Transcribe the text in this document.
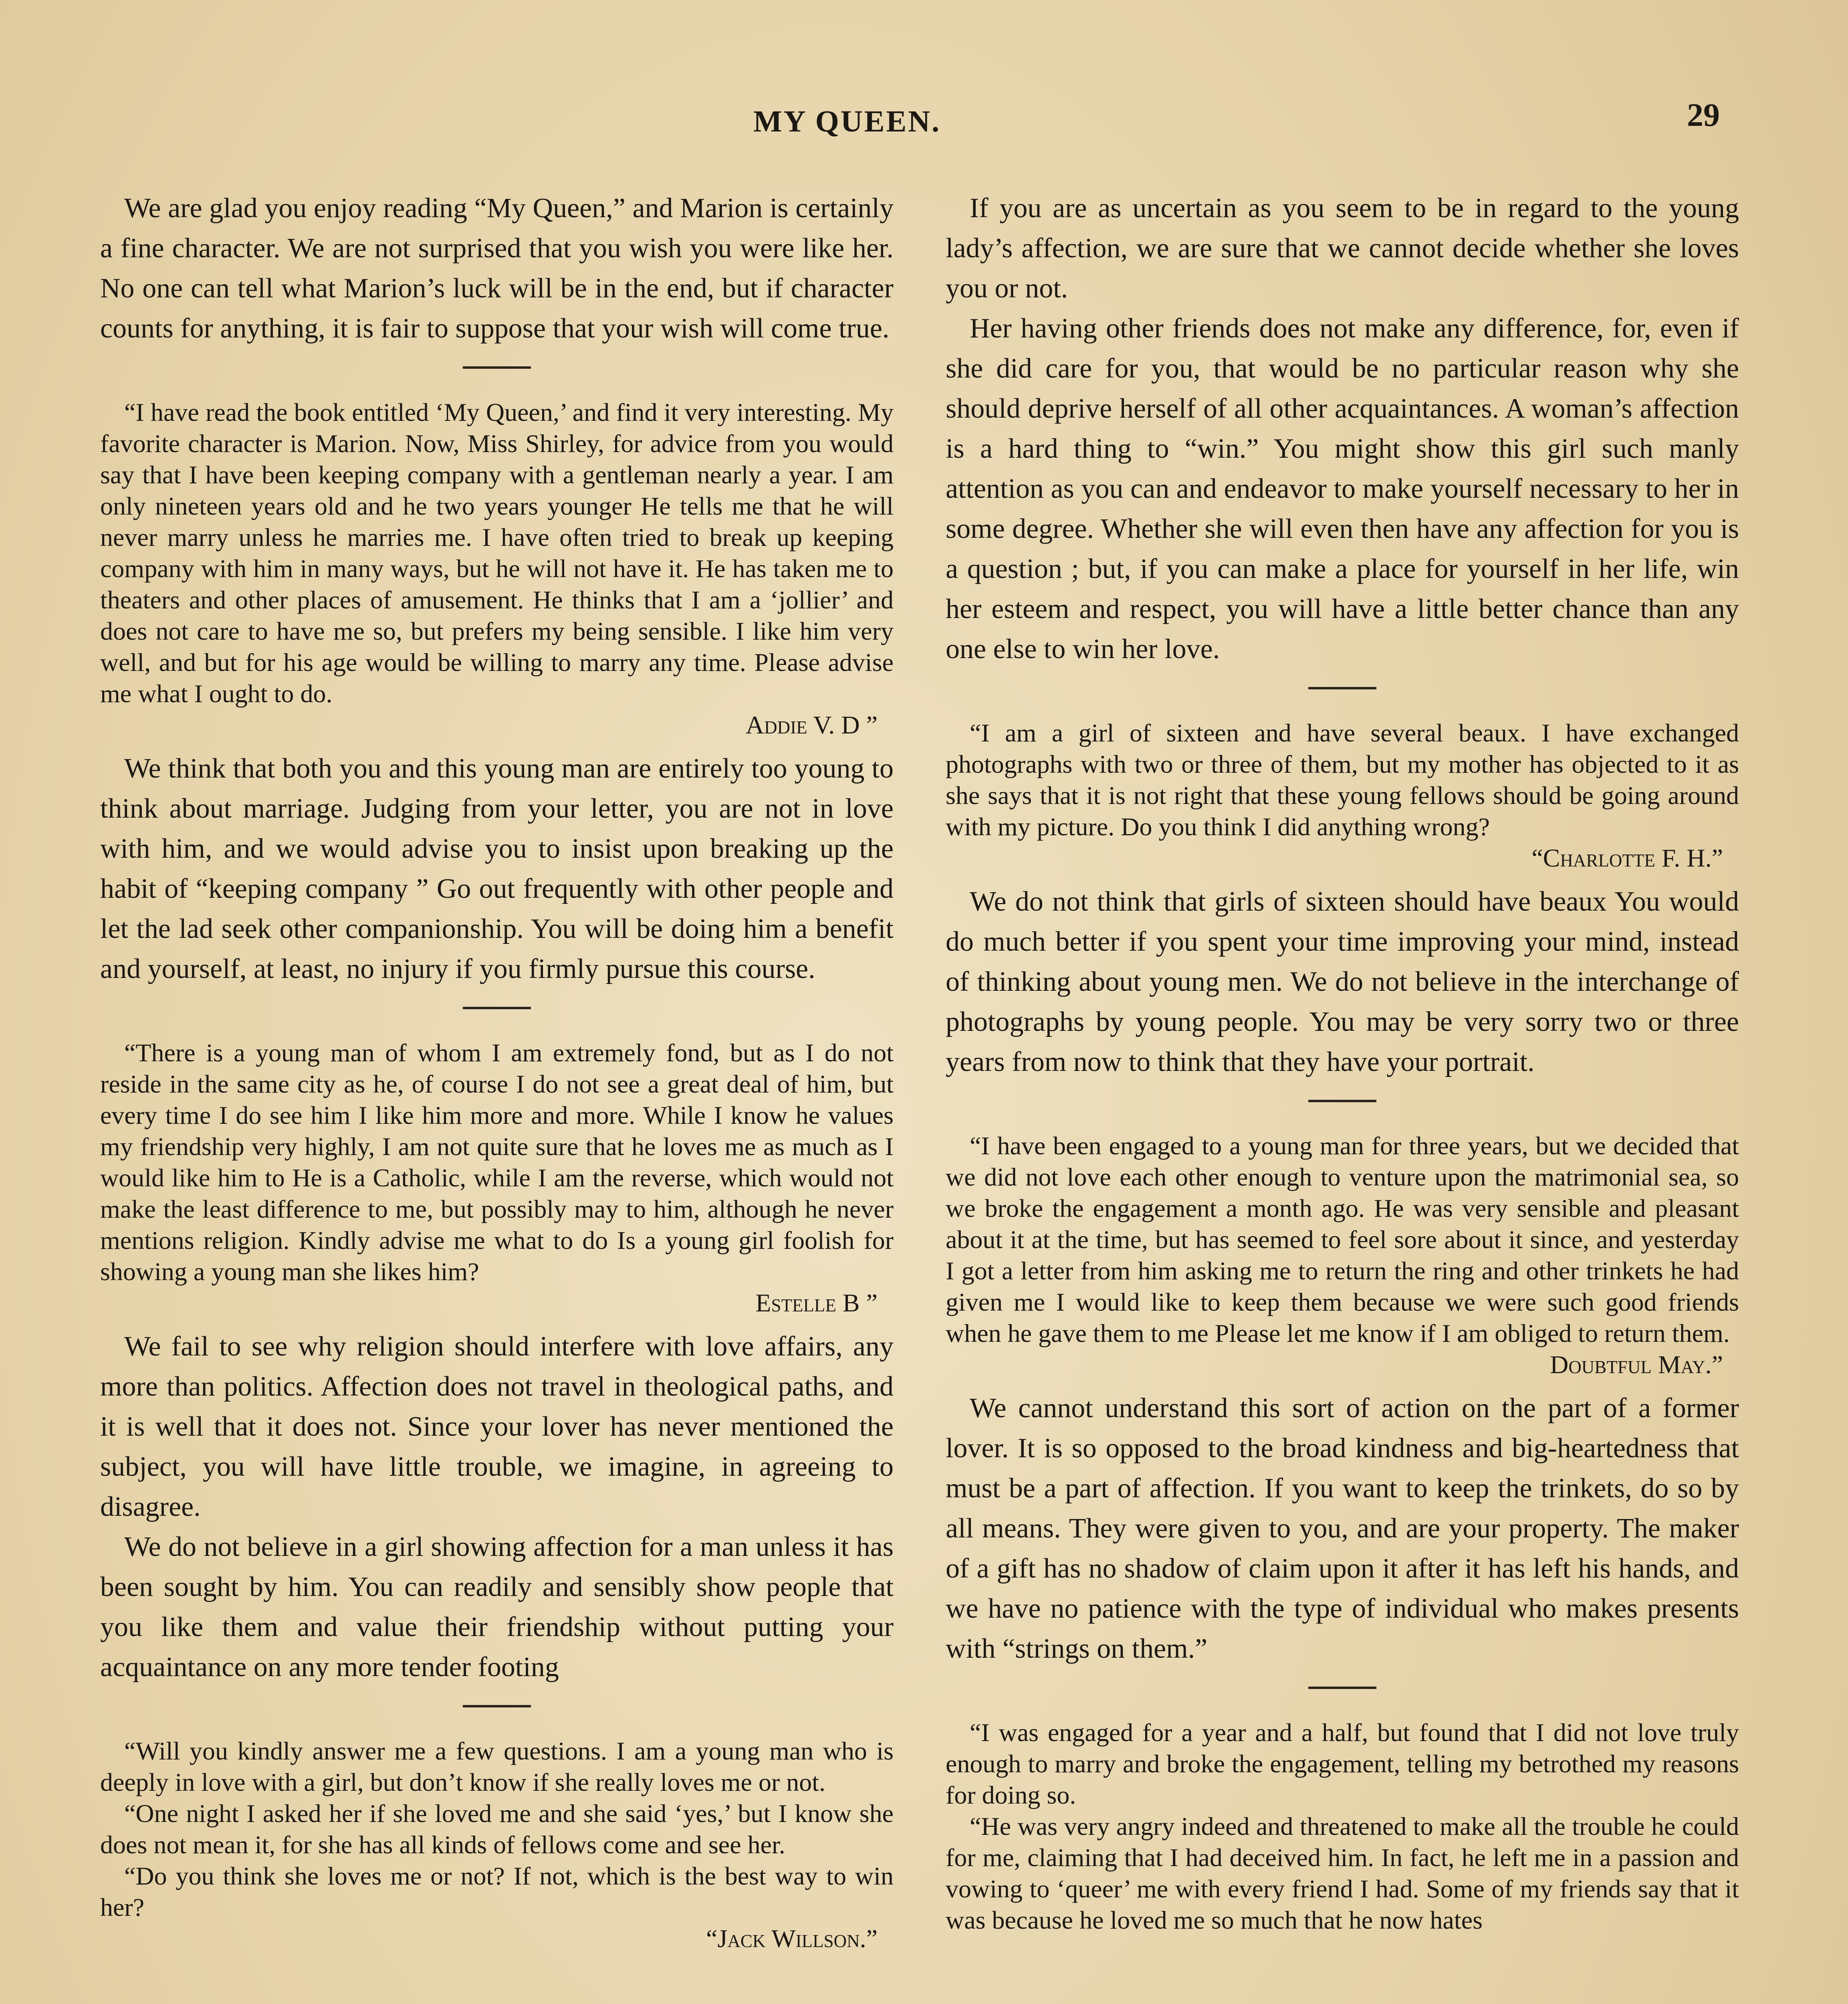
MY QUEEN.	29

We are glad you enjoy reading “My Queen,” and Marion is certainly a fine character. We are not surprised that you wish you were like her. No one can tell what Marion’s luck will be in the end, but if character counts for anything, it is fair to suppose that your wish will come true.

“I have read the book entitled ‘My Queen,’ and find it very interesting. My favorite character is Marion. Now, Miss Shirley, for advice from you would say that I have been keeping company with a gentleman nearly a year. I am only nineteen years old and he two years younger He tells me that he will never marry unless he marries me. I have often tried to break up keeping company with him in many ways, but he will not have it. He has taken me to theaters and other places of amusement. He thinks that I am a ‘jollier’ and does not care to have me so, but prefers my being sensible. I like him very well, and but for his age would be willing to marry any time. Please advise me what I ought to do.

Addie V. D ”

We think that both you and this young man are entirely too young to think about marriage. Judging from your letter, you are not in love with him, and we would advise you to insist upon breaking up the habit of “keeping company ” Go out frequently with other people and let the lad seek other companionship. You will be doing him a benefit and yourself, at least, no injury if you firmly pursue this course.

“There is a young man of whom I am extremely fond, but as I do not reside in the same city as he, of course I do not see a great deal of him, but every time I do see him I like him more and more. While I know he values my friendship very highly, I am not quite sure that he loves me as much as I would like him to He is a Catholic, while I am the reverse, which would not make the least difference to me, but possibly may to him, although he never mentions religion. Kindly advise me what to do Is a young girl foolish for showing a young man she likes him?

Estelle B ”

We fail to see why religion should interfere with love affairs, any more than politics. Affection does not travel in theological paths, and it is well that it does not. Since your lover has never mentioned the subject, you will have little trouble, we imagine, in agreeing to disagree.

We do not believe in a girl showing affection for a man unless it has been sought by him. You can readily and sensibly show people that you like them and value their friendship without putting your acquaintance on any more tender footing

“Will you kindly answer me a few questions. I am a young man who is deeply in love with a girl, but don’t know if she really loves me or not.

“One night I asked her if she loved me and she said ‘yes,’ but I know she does not mean it, for she has all kinds of fellows come and see her.

“Do you think she loves me or not? If not, which is the best way to win her?

“Jack Willson.”

If you are as uncertain as you seem to be in regard to the young lady’s affection, we are sure that we cannot decide whether she loves you or not.

Her having other friends does not make any difference, for, even if she did care for you, that would be no particular reason why she should deprive herself of all other acquaintances. A woman’s affection is a hard thing to “win.” You might show this girl such manly attention as you can and endeavor to make yourself necessary to her in some degree. Whether she will even then have any affection for you is a question ; but, if you can make a place for yourself in her life, win her esteem and respect, you will have a little better chance than any one else to win her love.

“I am a girl of sixteen and have several beaux. I have exchanged photographs with two or three of them, but my mother has objected to it as she says that it is not right that these young fellows should be going around with my picture. Do you think I did anything wrong?

“Charlotte F. H.”

We do not think that girls of sixteen should have beaux You would do much better if you spent your time improving your mind, instead of thinking about young men. We do not believe in the interchange of photographs by young people. You may be very sorry two or three years from now to think that they have your portrait.

“I have been engaged to a young man for three years, but we decided that we did not love each other enough to venture upon the matrimonial sea, so we broke the engagement a month ago. He was very sensible and pleasant about it at the time, but has seemed to feel sore about it since, and yesterday I got a letter from him asking me to return the ring and other trinkets he had given me I would like to keep them because we were such good friends when he gave them to me Please let me know if I am obliged to return them.

Doubtful May.”

We cannot understand this sort of action on the part of a former lover. It is so opposed to the broad kindness and big-heartedness that must be a part of affection. If you want to keep the trinkets, do so by all means. They were given to you, and are your property. The maker of a gift has no shadow of claim upon it after it has left his hands, and we have no patience with the type of individual who makes presents with “strings on them.”

“I was engaged for a year and a half, but found that I did not love truly enough to marry and broke the engagement, telling my betrothed my reasons for doing so.

“He was very angry indeed and threatened to make all the trouble he could for me, claiming that I had deceived him. In fact, he left me in a passion and vowing to ‘queer’ me with every friend I had. Some of my friends say that it was because he loved me so much that he now hates
